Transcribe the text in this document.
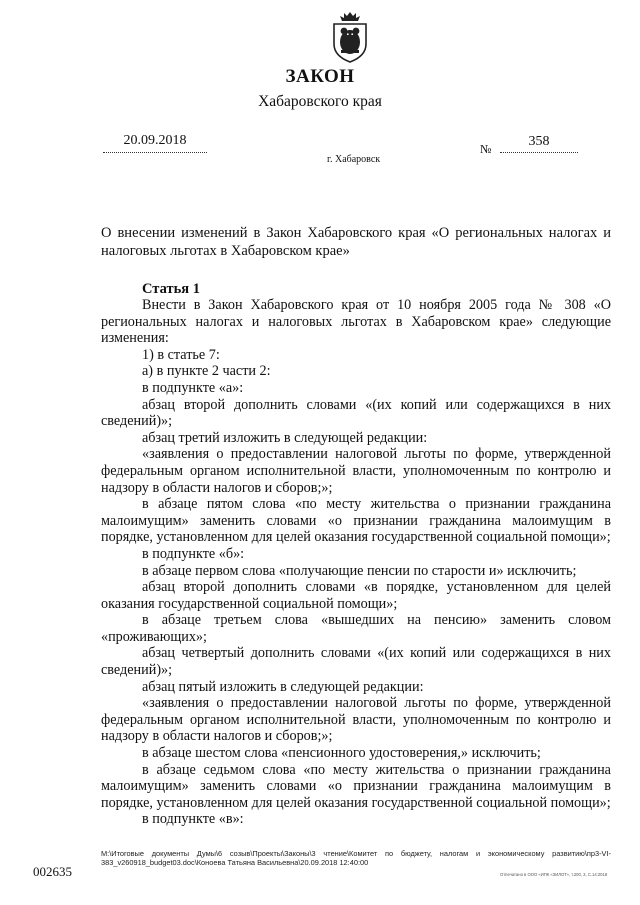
ЗАКОН
Хабаровского края
20.09.2018
г. Хабаровск
№	358
О внесении изменений в Закон Хабаровского края «О региональных налогах и налоговых льготах в Хабаровском крае»
Статья 1

Внести в Закон Хабаровского края от 10 ноября 2005 года № 308 «О региональных налогах и налоговых льготах в Хабаровском крае» следующие изменения:

1) в статье 7:

а) в пункте 2 части 2:

в подпункте «а»:

абзац второй дополнить словами «(их копий или содержащихся в них сведений)»;

абзац третий изложить в следующей редакции:

«заявления о предоставлении налоговой льготы по форме, утвержденной федеральным органом исполнительной власти, уполномоченным по контролю и надзору в области налогов и сборов;»;

в абзаце пятом слова «по месту жительства о признании гражданина малоимущим» заменить словами «о признании гражданина малоимущим в порядке, установленном для целей оказания государственной социальной помощи»;

в подпункте «б»:

в абзаце первом слова «получающие пенсии по старости и» исключить;

абзац второй дополнить словами «в порядке, установленном для целей оказания государственной социальной помощи»;

в абзаце третьем слова «вышедших на пенсию» заменить словом «проживающих»;

абзац четвертый дополнить словами «(их копий или содержащихся в них сведений)»;

абзац пятый изложить в следующей редакции:

«заявления о предоставлении налоговой льготы по форме, утвержденной федеральным органом исполнительной власти, уполномоченным по контролю и надзору в области налогов и сборов;»;

в абзаце шестом слова «пенсионного удостоверения,» исключить;

в абзаце седьмом слова «по месту жительства о признании гражданина малоимущим» заменить словами «о признании гражданина малоимущим в порядке, установленном для целей оказания государственной социальной помощи»;

в подпункте «в»:

М:\Итоговые документы Думы\6 созыв\Проекты\Законы\3 чтение\Комитет по бюджету, налогам и экономическому развитию\пр3-VI-383_v260918_budget03.doc\Коноева Татьяна Васильевна\20.09.2018 12:40:00
002635	Отпечатано в ООО «ИПК «ЗИЛОТ», т.200, 3, С.14:2018
